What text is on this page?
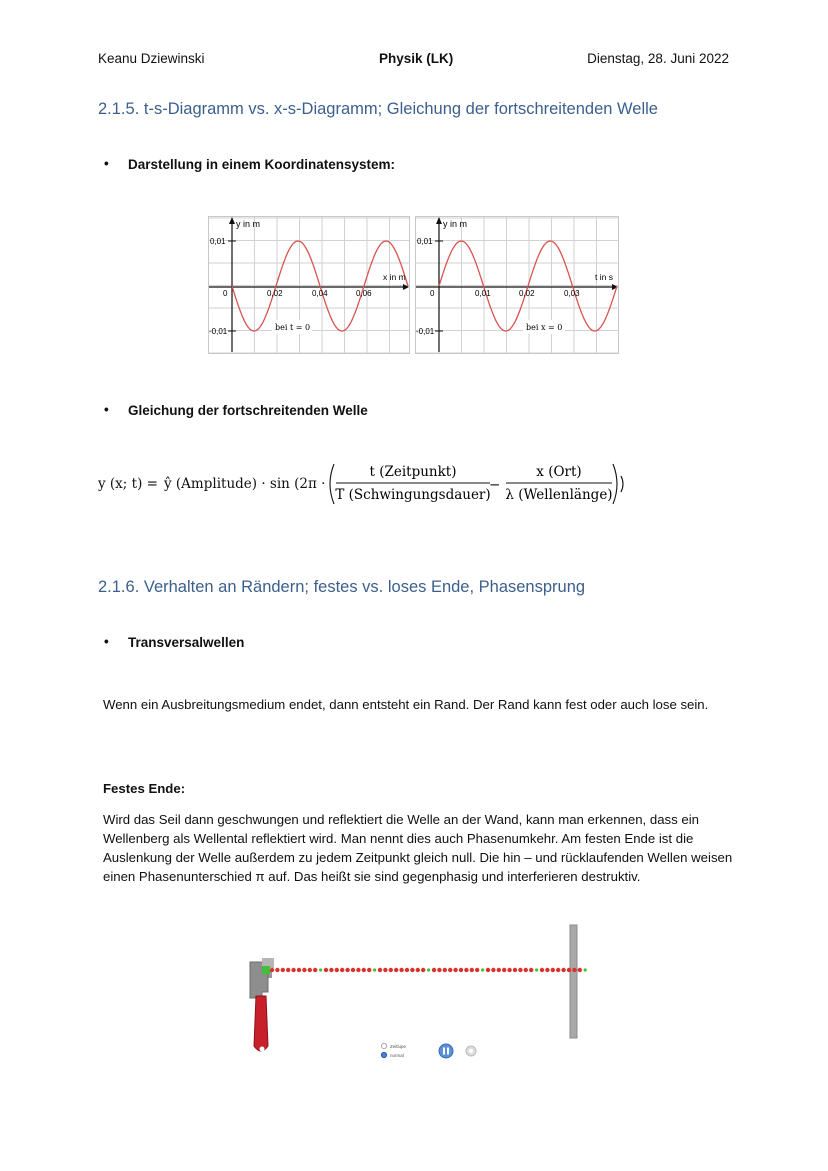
Keanu Dziewinski	Physik (LK)	Dienstag, 28. Juni 2022
2.1.5. t-s-Diagramm vs. x-s-Diagramm; Gleichung der fortschreitenden Welle
• Darstellung in einem Koordinatensystem:
y in m
0,01
-0,01
0
x in m
0,02	0,04	0,06
bei t = 0
y in m
0,01
-0,01
0
t in s
0,01	0,02	0,03
bei x = 0
• Gleichung der fortschreitenden Welle
y (x; t) = ŷ (Amplitude) · sin (2π ·
t (Zeitpunkt)
T (Schwingungsdauer)
−
x (Ort)
λ (Wellenlänge)
2.1.6. Verhalten an Rändern; festes vs. loses Ende, Phasensprung
• Transversalwellen
Wenn ein Ausbreitungsmedium endet, dann entsteht ein Rand. Der Rand kann fest oder auch lose sein.
Festes Ende:
Wird das Seil dann geschwungen und reflektiert die Welle an der Wand, kann man erkennen, dass ein Wellenberg als Wellental reflektiert wird. Man nennt dies auch Phasenumkehr. Am festen Ende ist die Auslenkung der Welle außerdem zu jedem Zeitpunkt gleich null. Die hin – und rücklaufenden Wellen weisen einen Phasenunterschied π auf. Das heißt sie sind gegenphasig und interferieren destruktiv.
Zeitlupe
normal
